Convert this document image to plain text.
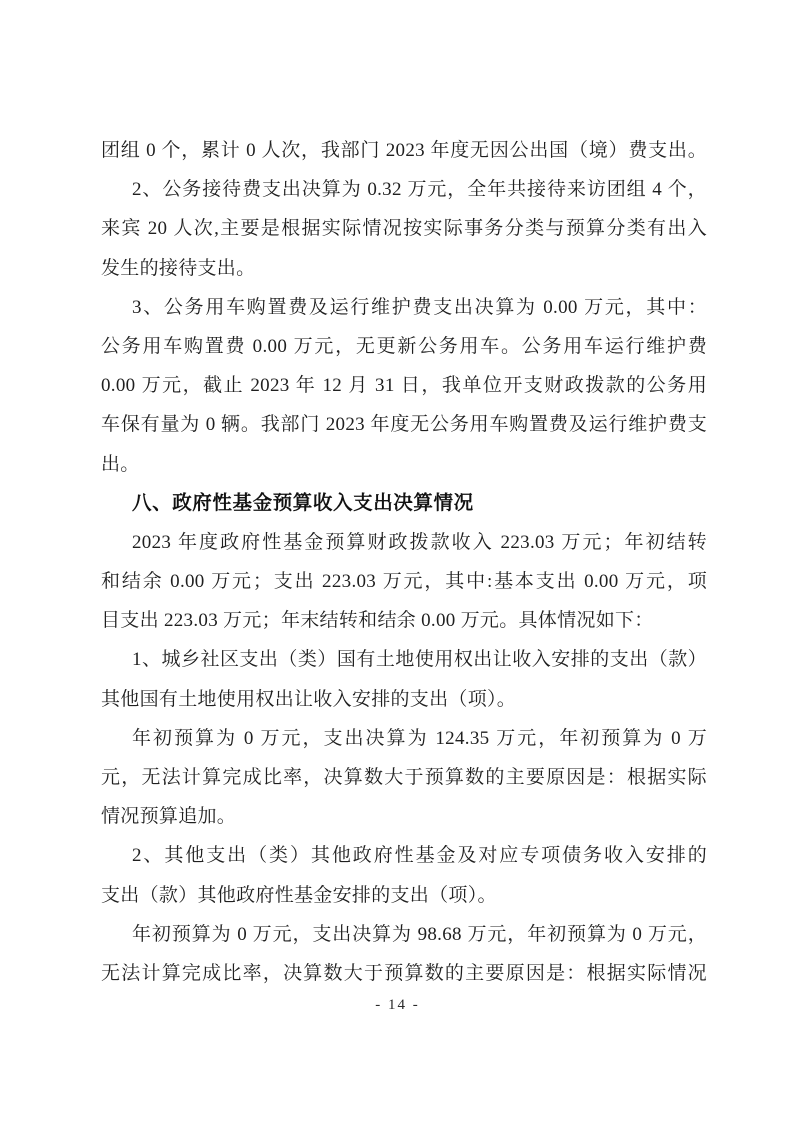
团组 0 个，累计 0 人次，我部门 2023 年度无因公出国（境）费支出。

2、公务接待费支出决算为 0.32 万元，全年共接待来访团组 4 个，

来宾 20 人次,主要是根据实际情况按实际事务分类与预算分类有出入

发生的接待支出。

3、公务用车购置费及运行维护费支出决算为 0.00 万元，其中：

公务用车购置费 0.00 万元，无更新公务用车。公务用车运行维护费

0.00 万元，截止 2023 年 12 月 31 日，我单位开支财政拨款的公务用

车保有量为 0 辆。我部门 2023 年度无公务用车购置费及运行维护费支

出。

八、政府性基金预算收入支出决算情况

2023 年度政府性基金预算财政拨款收入 223.03 万元；年初结转

和结余 0.00 万元；支出 223.03 万元，其中:基本支出 0.00 万元，项

目支出 223.03 万元；年末结转和结余 0.00 万元。具体情况如下：

1、城乡社区支出（类）国有土地使用权出让收入安排的支出（款）

其他国有土地使用权出让收入安排的支出（项）。

年初预算为 0 万元，支出决算为 124.35 万元，年初预算为 0 万

元，无法计算完成比率，决算数大于预算数的主要原因是：根据实际

情况预算追加。

2、其他支出（类）其他政府性基金及对应专项债务收入安排的

支出（款）其他政府性基金安排的支出（项）。

年初预算为 0 万元，支出决算为 98.68 万元，年初预算为 0 万元，

无法计算完成比率，决算数大于预算数的主要原因是：根据实际情况

- 14 -
